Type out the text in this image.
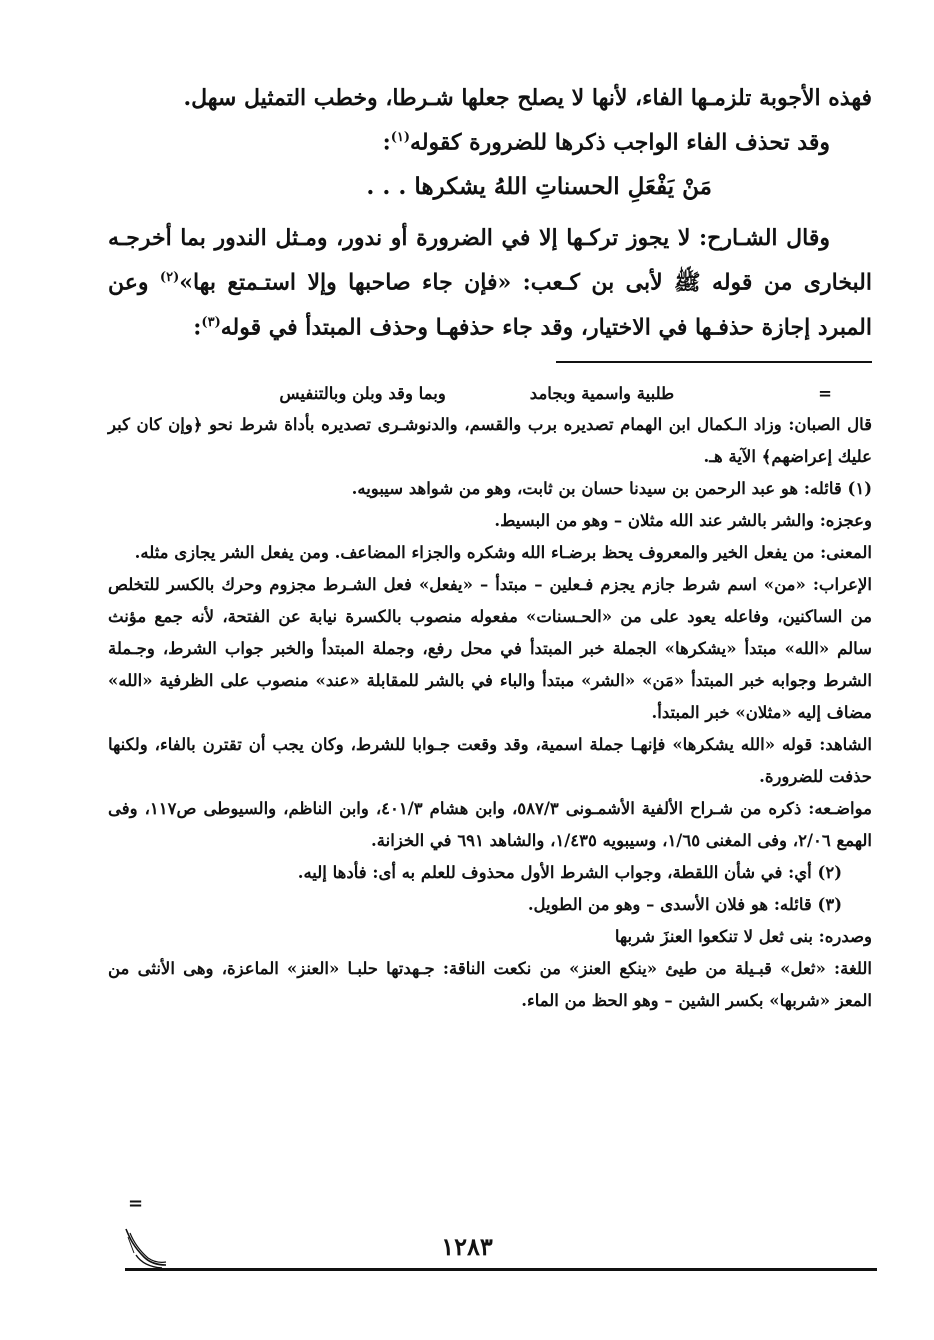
فهذه الأجوبة تلزمـها الفاء، لأنها لا يصلح جعلها شـرطا، وخطب التمثيل سهل.

وقد تحذف الفاء الواجب ذكرها للضرورة كقوله$^{(١)}$:

مَنْ يَفْعَلِ الحسناتِ اللهُ يشكرها . . .

وقال الشـارح: لا يجوز تركـها إلا في الضرورة أو ندور، ومـثل الندور بما أخرجـه البخارى من قوله ﷺ لأبى بن كـعب: «فإن جاء صاحبها وإلا استـمتع بها»$^{(٢)}$ وعن المبرد إجازة حذفـها في الاختيار، وقد جاء حذفهـا وحذف المبتدأ في قوله$^{(٣)}$:

=
طلبية واسمية وبجامد
وبما وقد وبلن وبالتنفيس

قال الصبان: وزاد الـكمال ابن الهمام تصديره برب والقسم، والدنوشـرى تصديره بأداة شرط نحو ﴿وإن كان كبر عليك إعراضهم﴾ الآية هـ.

(١) قائله: هو عبد الرحمن بن سيدنا حسان بن ثابت، وهو من شواهد سيبويه.

وعجزه: والشر بالشر عند الله مثلان – وهو من البسيط.

المعنى: من يفعل الخير والمعروف يحظ برضـاء الله وشكره والجزاء المضاعف. ومن يفعل الشر يجازى مثله.

الإعراب: «من» اسم شرط جازم يجزم فـعلين – مبتدأ – «يفعل» فعل الشـرط مجزوم وحرك بالكسر للتخلص من الساكنين، وفاعله يعود على من «الحـسنات» مفعوله منصوب بالكسرة نيابة عن الفتحة، لأنه جمع مؤنث سالم «الله» مبتدأ «يشكرها» الجملة خبر المبتدأ في محل رفع، وجملة المبتدأ والخبر جواب الشرط، وجـملة الشرط وجوابه خبر المبتدأ «مَن» «الشر» مبتدأ والباء في بالشر للمقابلة «عند» منصوب على الظرفية «الله» مضاف إليه «مثلان» خبر المبتدأ.

الشاهد: قوله «الله يشكرها» فإنهـا جملة اسمية، وقد وقعت جـوابا للشرط، وكان يجب أن تقترن بالفاء، ولكنها حذفت للضرورة.

مواضـعه: ذكره من شـراح الألفية الأشمـونى ٥٨٧/٣، وابن هشام ٤٠١/٣، وابن الناظم، والسيوطى ص١١٧، وفى الهمع ٢/٠٦، وفى المغنى ١/٦٥، وسيبويه ١/٤٣٥، والشاهد ٦٩١ في الخزانة.

(٢) أي: في شأن اللقطة، وجواب الشرط الأول محذوف للعلم به أى: فأدها إليه.

(٣) قائله: هو فلان الأسدى – وهو من الطويل.

وصدره: بنى ثعل لا تنكعوا العنزَ شربها

اللغة: «ثعل» قبـيلة من طيئ «ينكع العنز» من نكعت الناقة: جـهدتها حلبـا «العنز» الماعزة، وهى الأنثى من المعز «شربها» بكسر الشين – وهو الحظ من الماء.

=
١٢٨٣
